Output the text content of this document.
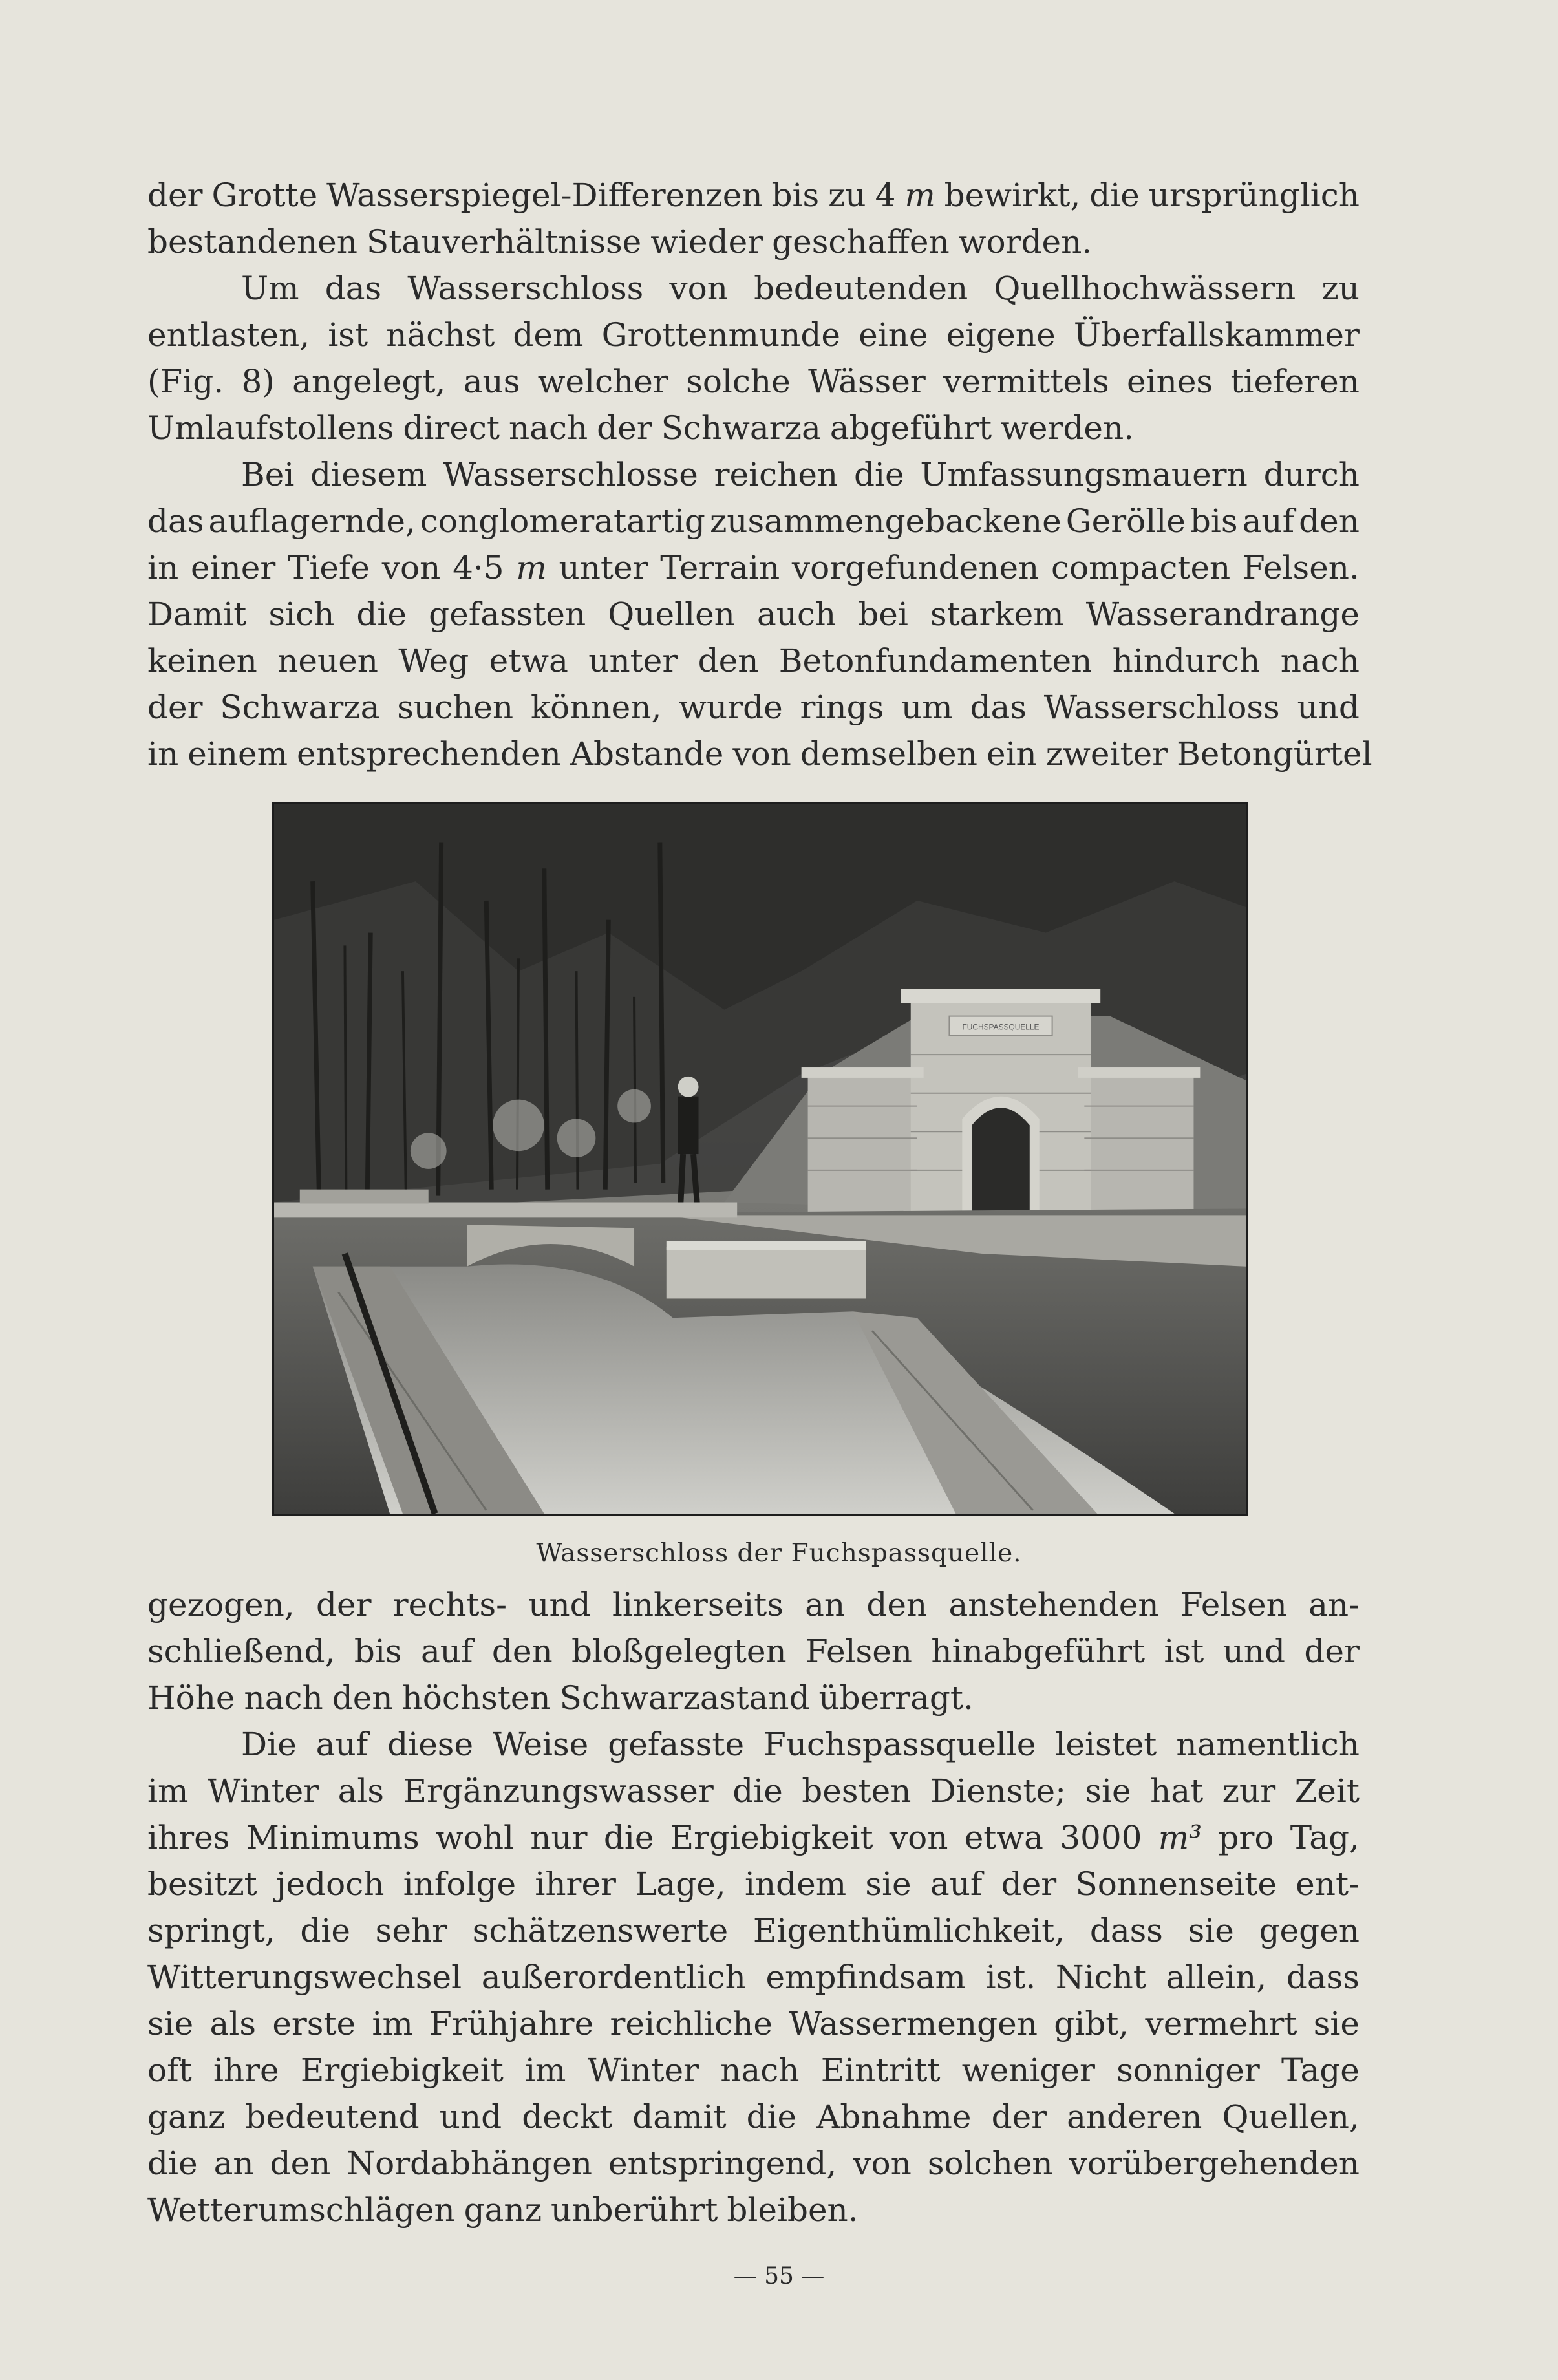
der Grotte Wasserspiegel-Differenzen bis zu 4 m bewirkt, die ursprünglich
bestandenen Stauverhältnisse wieder geschaffen worden.
Um das Wasserschloss von bedeutenden Quellhochwässern zu
entlasten, ist nächst dem Grottenmunde eine eigene Überfallskammer
(Fig. 8) angelegt, aus welcher solche Wässer vermittels eines tieferen
Umlaufstollens direct nach der Schwarza abgeführt werden.
Bei diesem Wasserschlosse reichen die Umfassungsmauern durch
das auflagernde, conglomeratartig zusammengebackene Gerölle bis auf den
in einer Tiefe von 4·5 m unter Terrain vorgefundenen compacten Felsen.
Damit sich die gefassten Quellen auch bei starkem Wasserandrange
keinen neuen Weg etwa unter den Betonfundamenten hindurch nach
der Schwarza suchen können, wurde rings um das Wasserschloss und
in einem entsprechenden Abstande von demselben ein zweiter Betongürtel
FUCHSPASSQUELLE
Wasserschloss der Fuchspassquelle.
gezogen, der rechts- und linkerseits an den anstehenden Felsen an-
schließend, bis auf den bloßgelegten Felsen hinabgeführt ist und der
Höhe nach den höchsten Schwarzastand überragt.
Die auf diese Weise gefasste Fuchspassquelle leistet namentlich
im Winter als Ergänzungswasser die besten Dienste; sie hat zur Zeit
ihres Minimums wohl nur die Ergiebigkeit von etwa 3000 m³ pro Tag,
besitzt jedoch infolge ihrer Lage, indem sie auf der Sonnenseite ent-
springt, die sehr schätzenswerte Eigenthümlichkeit, dass sie gegen
Witterungswechsel außerordentlich empfindsam ist. Nicht allein, dass
sie als erste im Frühjahre reichliche Wassermengen gibt, vermehrt sie
oft ihre Ergiebigkeit im Winter nach Eintritt weniger sonniger Tage
ganz bedeutend und deckt damit die Abnahme der anderen Quellen,
die an den Nordabhängen entspringend, von solchen vorübergehenden
Wetterumschlägen ganz unberührt bleiben.
— 55 —
